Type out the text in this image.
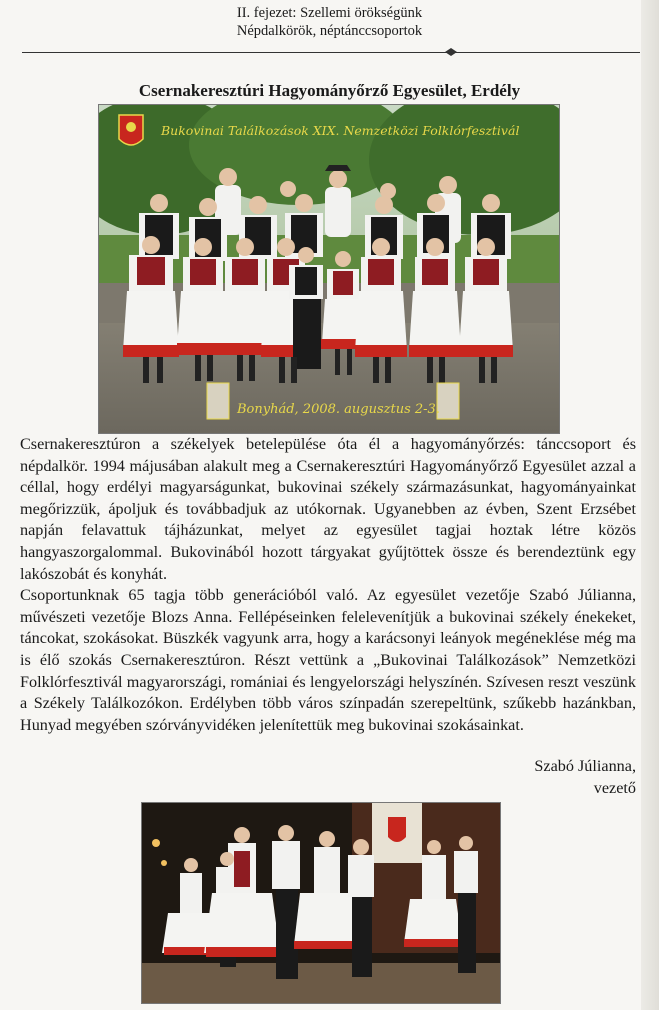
II. fejezet: Szellemi örökségünk
Népdalkörök, néptánccsoportok
Csernakeresztúri Hagyományőrző Egyesület, Erdély
Bukovinai Találkozások XIX. Nemzetközi Folklórfesztivál
Bonyhád, 2008. augusztus 2-3.

Csernakeresztúron a székelyek betelepülése óta él a hagyományőrzés: tánccsoport és népdalkör. 1994 májusában alakult meg a Csernakeresztúri Hagyományőrző Egyesület azzal a céllal, hogy erdélyi magyarságunkat, bukovinai székely származásunkat, hagyományainkat megőrizzük, ápoljuk és továbbadjuk az utókornak. Ugyanebben az évben, Szent Erzsébet napján felavattuk tájházunkat, melyet az egyesület tagjai hoztak létre közös hangyaszorgalommal. Bukovinából hozott tárgyakat gyűjtöttek össze és berendeztünk egy lakószobát és konyhát.

Csoportunknak 65 tagja több generációból való. Az egyesület vezetője Szabó Júlianna, művészeti vezetője Blozs Anna. Fellépéseinken felelevenítjük a bukovinai székely énekeket, táncokat, szokásokat. Büszkék vagyunk arra, hogy a karácsonyi leányok megéneklése még ma is élő szokás Csernakeresztúron. Részt vettünk a „Bukovinai Találkozások” Nemzetközi Folklórfesztivál magyarországi, romániai és lengyelországi helyszínén. Szívesen reszt veszünk a Székely Találkozókon. Erdélyben több város színpadán szerepeltünk, szűkebb hazánkban, Hunyad megyében szórványvidéken jelenítettük meg bukovinai szokásainkat.

Szabó Júlianna,
vezető
